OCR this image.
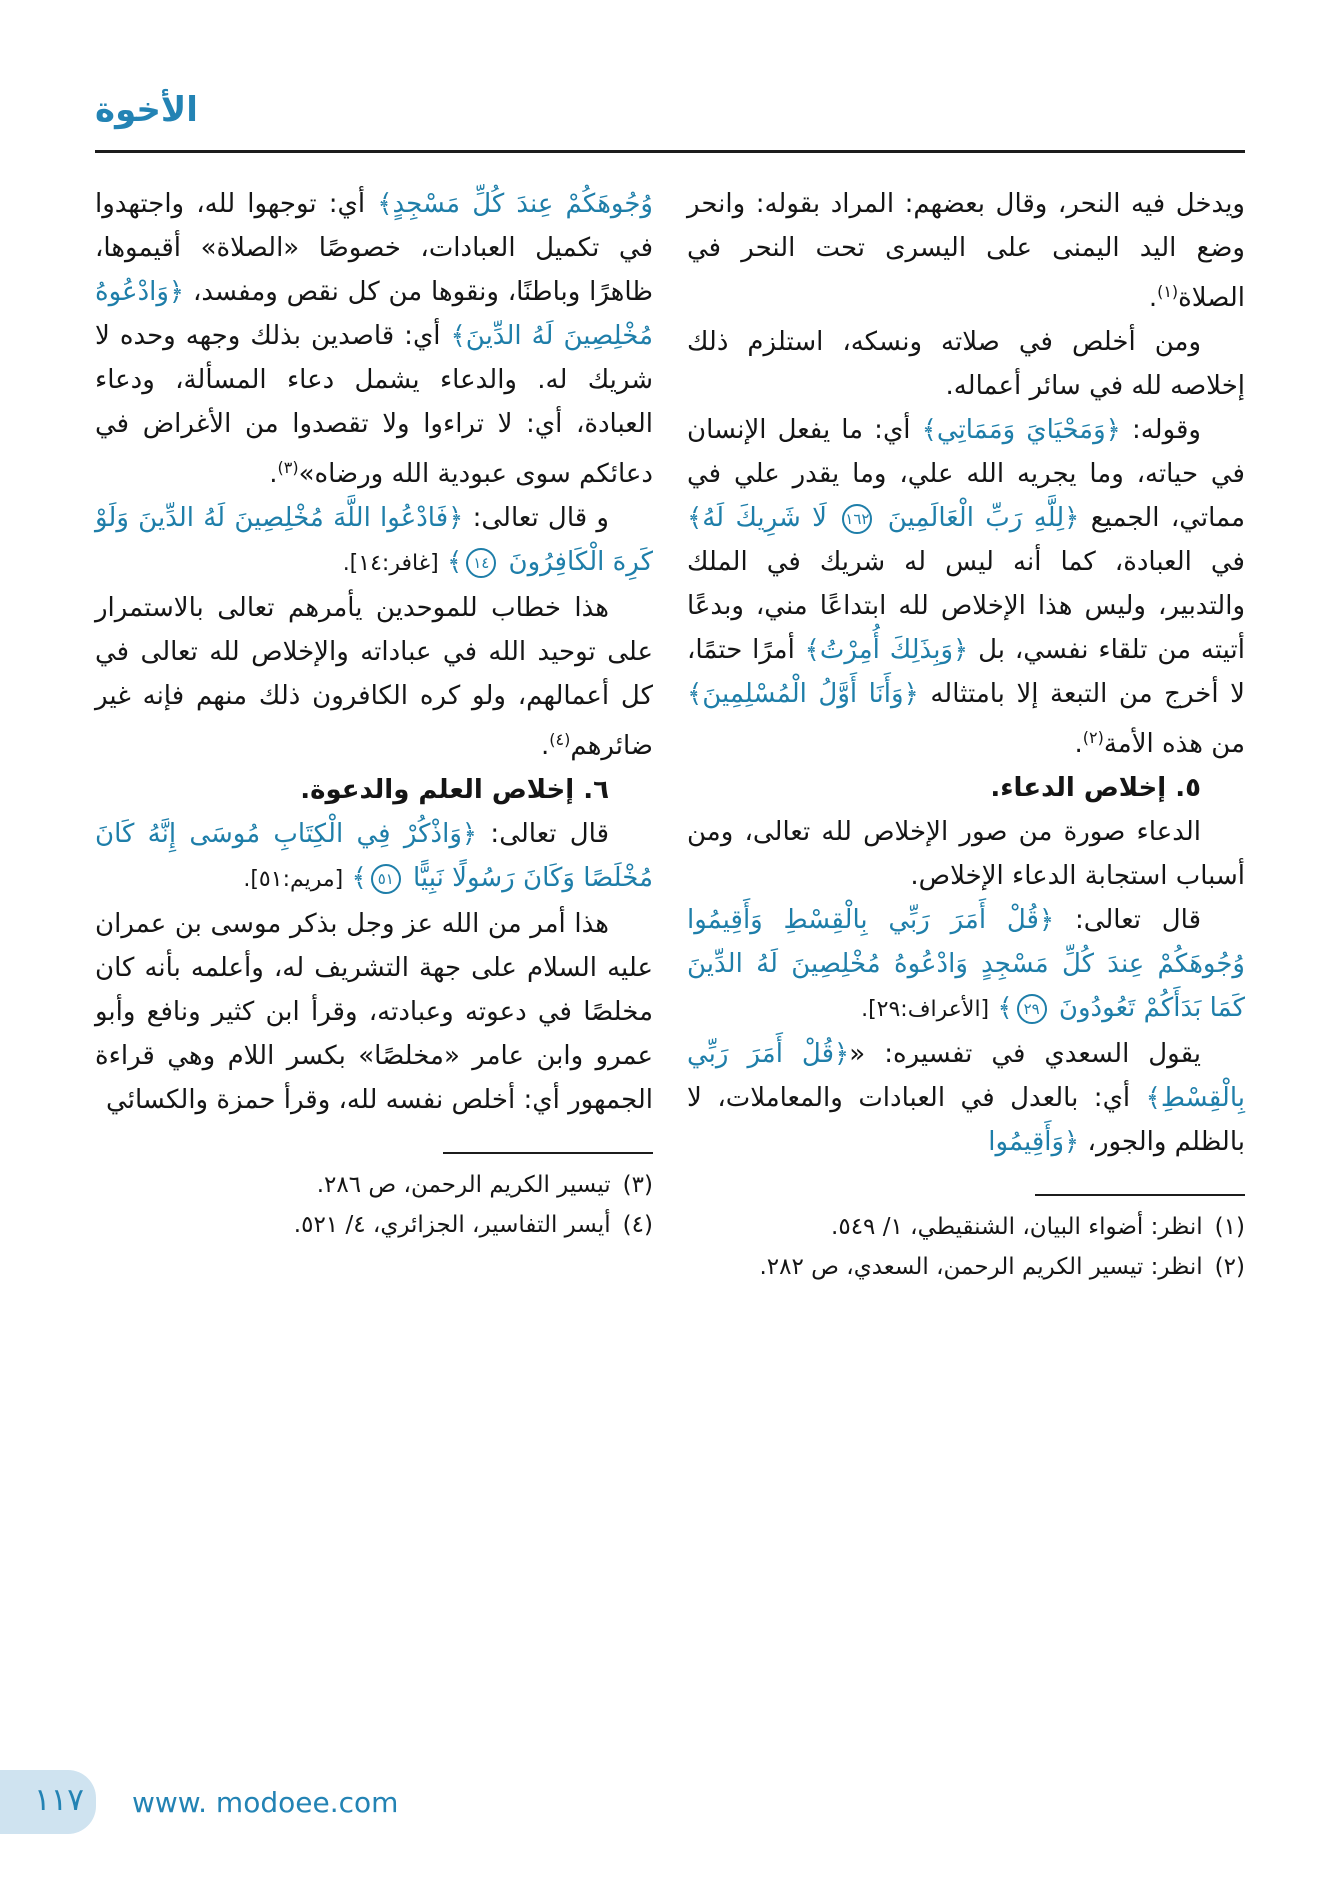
الأخوة

ويدخل فيه النحر، وقال بعضهم: المراد بقوله: وانحر وضع اليد اليمنى على اليسرى تحت النحر في الصلاة$^{(١)}$.

ومن أخلص في صلاته ونسكه، استلزم ذلك إخلاصه لله في سائر أعماله.

وقوله: ﴿وَمَحْيَايَ وَمَمَاتِي﴾ أي: ما يفعل الإنسان في حياته، وما يجريه الله علي، وما يقدر علي في مماتي، الجميع ﴿لِلَّهِ رَبِّ الْعَالَمِينَ ١٦٢ لَا شَرِيكَ لَهُ﴾ في العبادة، كما أنه ليس له شريك في الملك والتدبير، وليس هذا الإخلاص لله ابتداعًا مني، وبدعًا أتيته من تلقاء نفسي، بل ﴿وَبِذَلِكَ أُمِرْتُ﴾ أمرًا حتمًا، لا أخرج من التبعة إلا بامتثاله ﴿وَأَنَا أَوَّلُ الْمُسْلِمِينَ﴾ من هذه الأمة$^{(٢)}$.

٥. إخلاص الدعاء.

الدعاء صورة من صور الإخلاص لله تعالى، ومن أسباب استجابة الدعاء الإخلاص.

قال تعالى: ﴿قُلْ أَمَرَ رَبِّي بِالْقِسْطِ وَأَقِيمُوا وُجُوهَكُمْ عِندَ كُلِّ مَسْجِدٍ وَادْعُوهُ مُخْلِصِينَ لَهُ الدِّينَ كَمَا بَدَأَكُمْ تَعُودُونَ ٢٩﴾ [الأعراف:٢٩].

يقول السعدي في تفسيره: «﴿قُلْ أَمَرَ رَبِّي بِالْقِسْطِ﴾ أي: بالعدل في العبادات والمعاملات، لا بالظلم والجور، ﴿وَأَقِيمُوا

(١)
انظر: أضواء البيان، الشنقيطي، ١/ ٥٤٩.
(٢)
انظر: تيسير الكريم الرحمن، السعدي، ص ٢٨٢.

وُجُوهَكُمْ عِندَ كُلِّ مَسْجِدٍ﴾ أي: توجهوا لله، واجتهدوا في تكميل العبادات، خصوصًا «الصلاة» أقيموها، ظاهرًا وباطنًا، ونقوها من كل نقص ومفسد، ﴿وَادْعُوهُ مُخْلِصِينَ لَهُ الدِّينَ﴾ أي: قاصدين بذلك وجهه وحده لا شريك له. والدعاء يشمل دعاء المسألة، ودعاء العبادة، أي: لا تراءوا ولا تقصدوا من الأغراض في دعائكم سوى عبودية الله ورضاه»$^{(٣)}$.

و قال تعالى: ﴿فَادْعُوا اللَّهَ مُخْلِصِينَ لَهُ الدِّينَ وَلَوْ كَرِهَ الْكَافِرُونَ ١٤﴾ [غافر:١٤].

هذا خطاب للموحدين يأمرهم تعالى بالاستمرار على توحيد الله في عباداته والإخلاص لله تعالى في كل أعمالهم، ولو كره الكافرون ذلك منهم فإنه غير ضائرهم$^{(٤)}$.

٦. إخلاص العلم والدعوة.

قال تعالى: ﴿وَاذْكُرْ فِي الْكِتَابِ مُوسَى إِنَّهُ كَانَ مُخْلَصًا وَكَانَ رَسُولًا نَبِيًّا ٥١﴾ [مريم:٥١].

هذا أمر من الله عز وجل بذكر موسى بن عمران عليه السلام على جهة التشريف له، وأعلمه بأنه كان مخلصًا في دعوته وعبادته، وقرأ ابن كثير ونافع وأبو عمرو وابن عامر «مخلصًا» بكسر اللام وهي قراءة الجمهور أي: أخلص نفسه لله، وقرأ حمزة والكسائي

(٣)
تيسير الكريم الرحمن، ص ٢٨٦.
(٤)
أيسر التفاسير، الجزائري، ٤/ ٥٢١.
١١٧ www. modoee.com
